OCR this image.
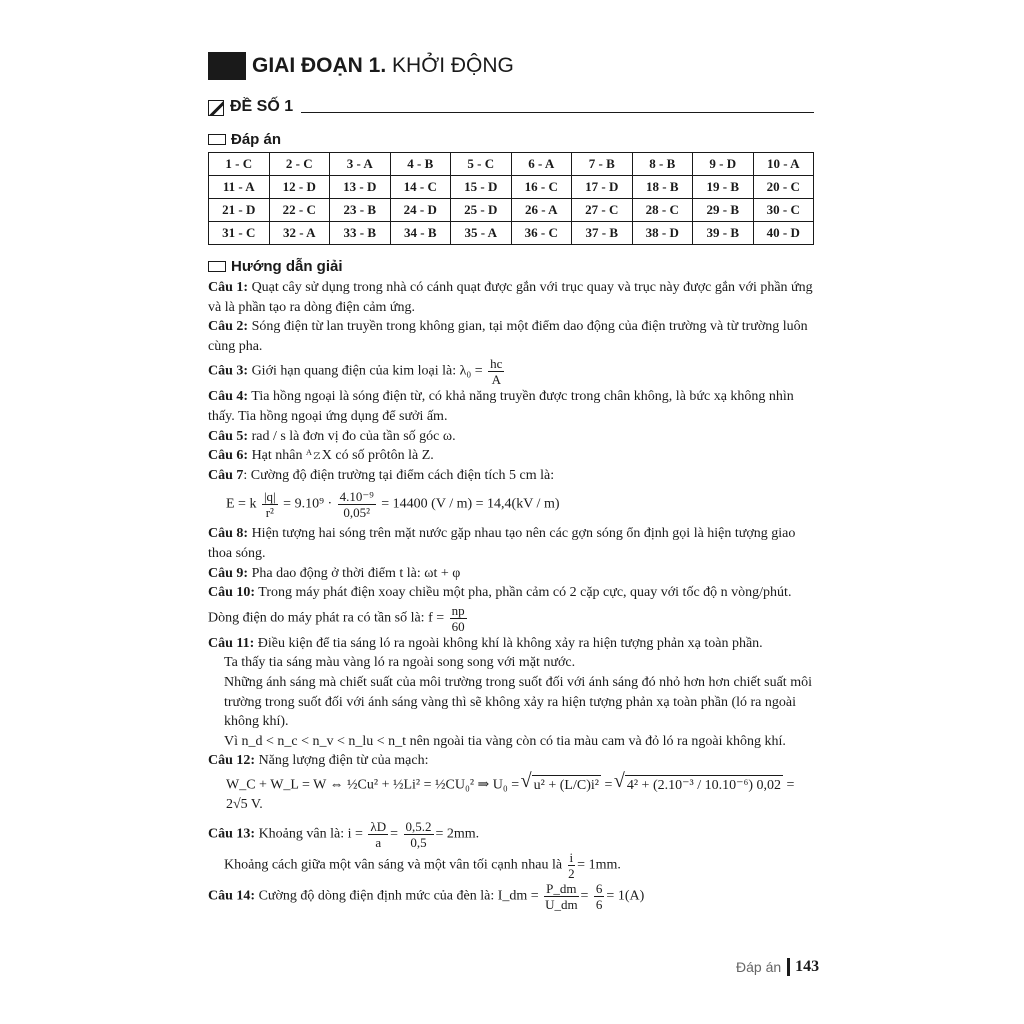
GIAI ĐOẠN 1. KHỞI ĐỘNG
ĐỀ SỐ 1
Đáp án
1 - C	2 - C	3 - A	4 - B	5 - C	6 - A	7 - B	8 - B	9 - D	10 - A
11 - A	12 - D	13 - D	14 - C	15 - D	16 - C	17 - D	18 - B	19 - B	20 - C
21 - D	22 - C	23 - B	24 - D	25 - D	26 - A	27 - C	28 - C	29 - B	30 - C
31 - C	32 - A	33 - B	34 - B	35 - A	36 - C	37 - B	38 - D	39 - B	40 - D
Hướng dẫn giải

Câu 1: Quạt cây sử dụng trong nhà có cánh quạt được gắn với trục quay và trục này được gắn với phần ứng và là phần tạo ra dòng điện cảm ứng.

Câu 2: Sóng điện từ lan truyền trong không gian, tại một điểm dao động của điện trường và từ trường luôn cùng pha.

Câu 3: Giới hạn quang điện của kim loại là: $\lambda_0 = \frac{hc}{A}$

Câu 4: Tia hồng ngoại là sóng điện từ, có khả năng truyền được trong chân không, là bức xạ không nhìn thấy. Tia hồng ngoại ứng dụng để sưởi ấm.

Câu 5: rad / s là đơn vị đo của tần số góc ω.

Câu 6: Hạt nhân ᴬ𝚣X có số prôtôn là Z.

Câu 7: Cường độ điện trường tại điểm cách điện tích 5 cm là:

E = k $\frac{|q|}{\text{r²}} = 9.10^9 \cdot \frac{\text{4.10⁻⁹}}{\text{0,05²}} = 14400$ (V / m) = 14,4(kV / m)

Câu 8: Hiện tượng hai sóng trên mặt nước gặp nhau tạo nên các gợn sóng ổn định gọi là hiện tượng giao thoa sóng.

Câu 9: Pha dao động ở thời điểm t là: ωt + φ

Câu 10: Trong máy phát điện xoay chiều một pha, phần cảm có 2 cặp cực, quay với tốc độ n vòng/phút.

Dòng điện do máy phát ra có tần số là: $f = \frac{np}{60}$

Câu 11: Điều kiện để tia sáng ló ra ngoài không khí là không xảy ra hiện tượng phản xạ toàn phần.

Ta thấy tia sáng màu vàng ló ra ngoài song song với mặt nước.

Những ánh sáng mà chiết suất của môi trường trong suốt đối với ánh sáng đó nhỏ hơn hơn chiết suất môi trường trong suốt đối với ánh sáng vàng thì sẽ không xảy ra hiện tượng phản xạ toàn phần (ló ra ngoài không khí).

Vì n_d < n_c < n_v < n_lu < n_t nên ngoài tia vàng còn có tia màu cam và đỏ ló ra ngoài không khí.

Câu 12: Năng lượng điện từ của mạch:

W_C + W_L = W ⇔ ½Cu² + ½Li² = ½CU₀² ⇒ U₀ = √ u² + (L/C)i² = √ 4² + (2.10⁻³ / 10.10⁻⁶) 0,02 = 2√5 V.

Câu 13: Khoảng vân là: $i = \frac{\lambda D}{a} = \frac{0,5.2}{0,5} = 2mm$.

Khoảng cách giữa một vân sáng và một vân tối cạnh nhau là $\frac{i}{2} = 1mm$.

Câu 14: Cường độ dòng điện định mức của đèn là: I_dm = $\frac{P\_dm}{U\_dm} = \frac{6}{6} = 1(A)$

Đáp án 143
